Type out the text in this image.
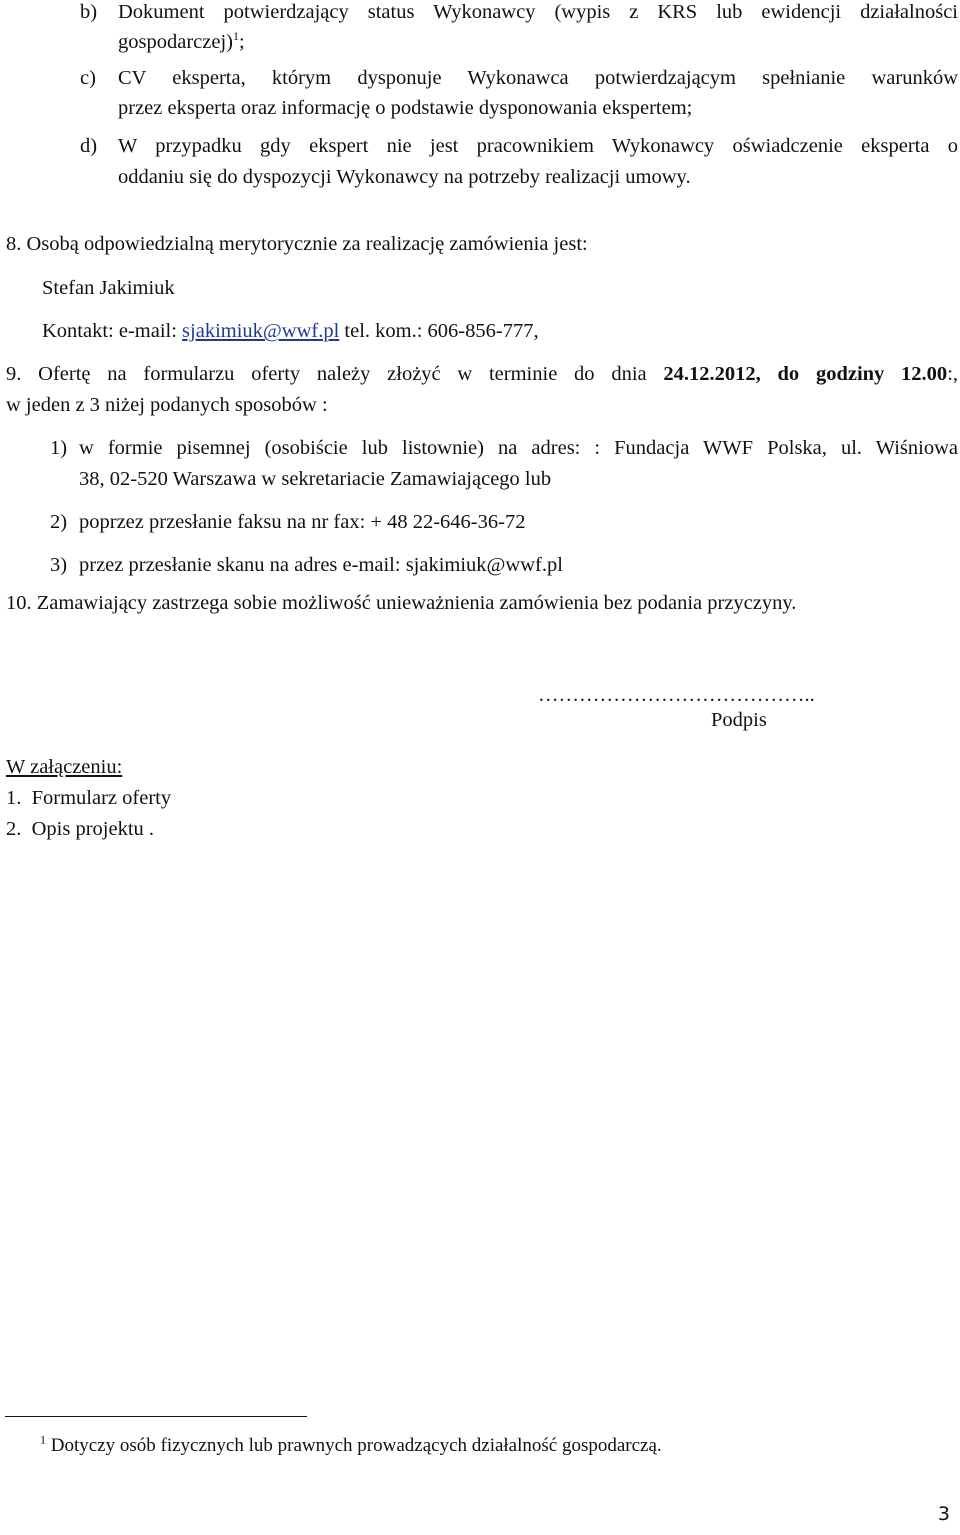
b) Dokument potwierdzający status Wykonawcy (wypis z KRS lub ewidencji działalności
gospodarczej)$^1$;
c) CV eksperta, którym dysponuje Wykonawca potwierdzającym spełnianie warunków
przez eksperta oraz informację o podstawie dysponowania ekspertem;
d) W przypadku gdy ekspert nie jest pracownikiem Wykonawcy oświadczenie eksperta o
oddaniu się do dyspozycji Wykonawcy na potrzeby realizacji umowy.
8. Osobą odpowiedzialną merytorycznie za realizację zamówienia jest:
Stefan Jakimiuk
Kontakt: e-mail: sjakimiuk@wwf.pl tel. kom.: 606-856-777,
9. Ofertę na formularzu oferty należy złożyć w terminie do dnia 24.12.2012, do godziny 12.00:,
w jeden z 3 niżej podanych sposobów :
1) w formie pisemnej (osobiście lub listownie) na adres: : Fundacja WWF Polska, ul. Wiśniowa
38, 02-520 Warszawa w sekretariacie Zamawiającego lub
2) poprzez przesłanie faksu na nr fax: + 48 22-646-36-72
3) przez przesłanie skanu na adres e-mail: sjakimiuk@wwf.pl
10. Zamawiający zastrzega sobie możliwość unieważnienia zamówienia bez podania przyczyny.
…………………………………..
Podpis
W załączeniu:
1.  Formularz oferty
2.  Opis projektu .
$^1$ Dotyczy osób fizycznych lub prawnych prowadzących działalność gospodarczą.
3
